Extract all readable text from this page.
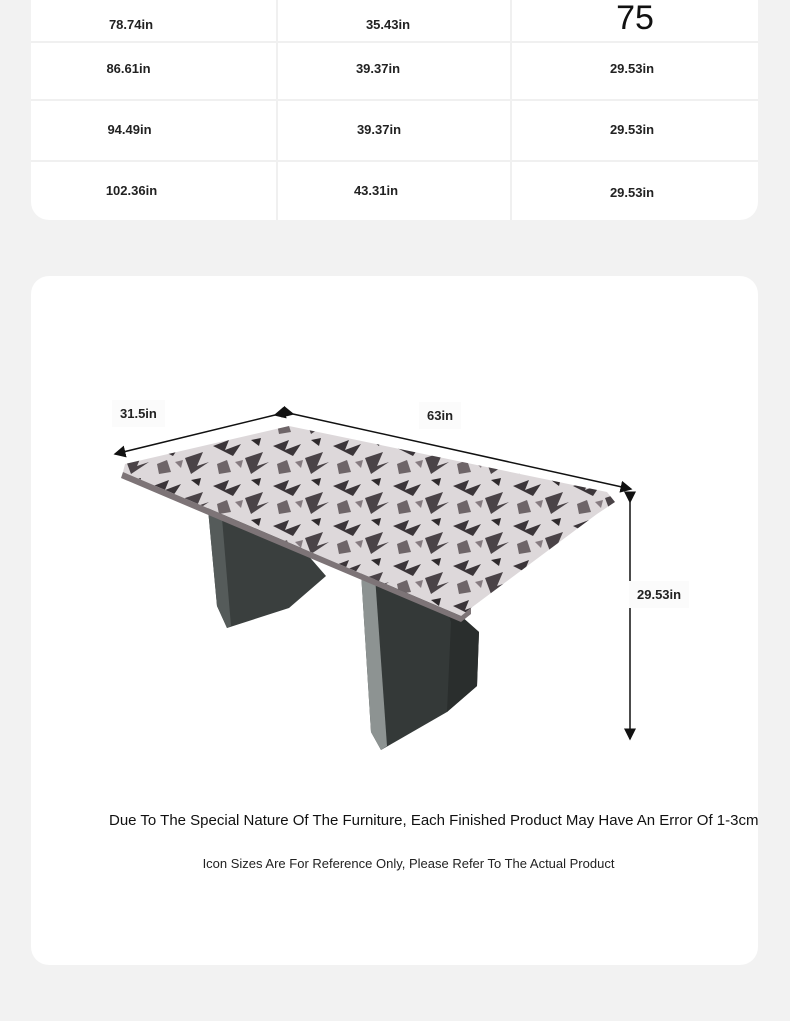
78.74in	35.43in	75
86.61in	39.37in	29.53in
94.49in	39.37in	29.53in
102.36in	43.31in	29.53in
31.5in	63in
29.53in
Due To The Special Nature Of The Furniture, Each Finished Product May Have An Error Of 1-3cm
Icon Sizes Are For Reference Only, Please Refer To The Actual Product
